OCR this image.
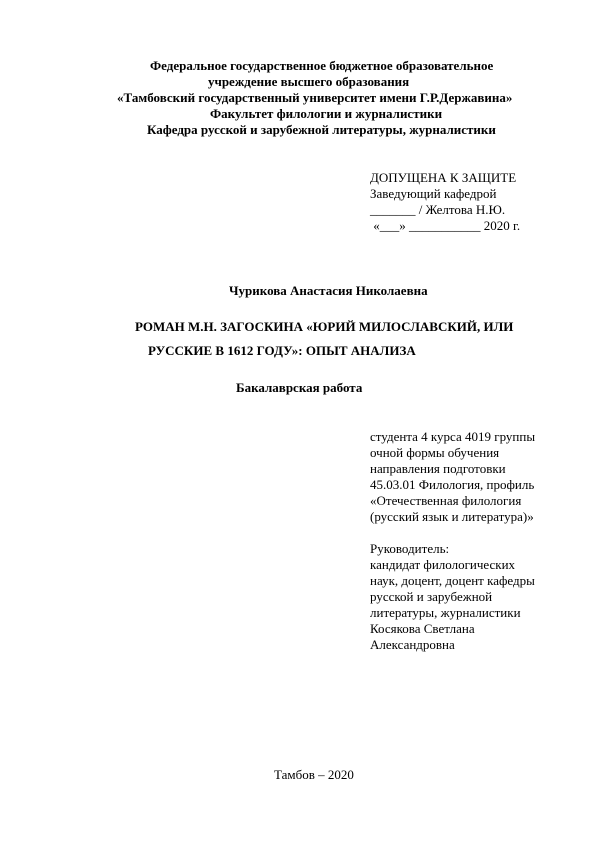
Федеральное государственное бюджетное образовательное
учреждение высшего образования
«Тамбовский государственный университет имени Г.Р.Державина»
Факультет филологии и журналистики
Кафедра русской и зарубежной литературы, журналистики
ДОПУЩЕНА К ЗАЩИТЕ
Заведующий кафедрой
_______ / Желтова Н.Ю.
«___» ___________ 2020 г.
Чурикова Анастасия Николаевна
РОМАН М.Н. ЗАГОСКИНА «ЮРИЙ МИЛОСЛАВСКИЙ, ИЛИ
РУССКИЕ В 1612 ГОДУ»: ОПЫТ АНАЛИЗА
Бакалаврская работа
студента 4 курса 4019 группы
очной формы обучения
направления подготовки
45.03.01 Филология, профиль
«Отечественная филология
(русский язык и литература)»
Руководитель:
кандидат филологических
наук, доцент, доцент кафедры
русской и зарубежной
литературы, журналистики
Косякова Светлана
Александровна
Тамбов – 2020
